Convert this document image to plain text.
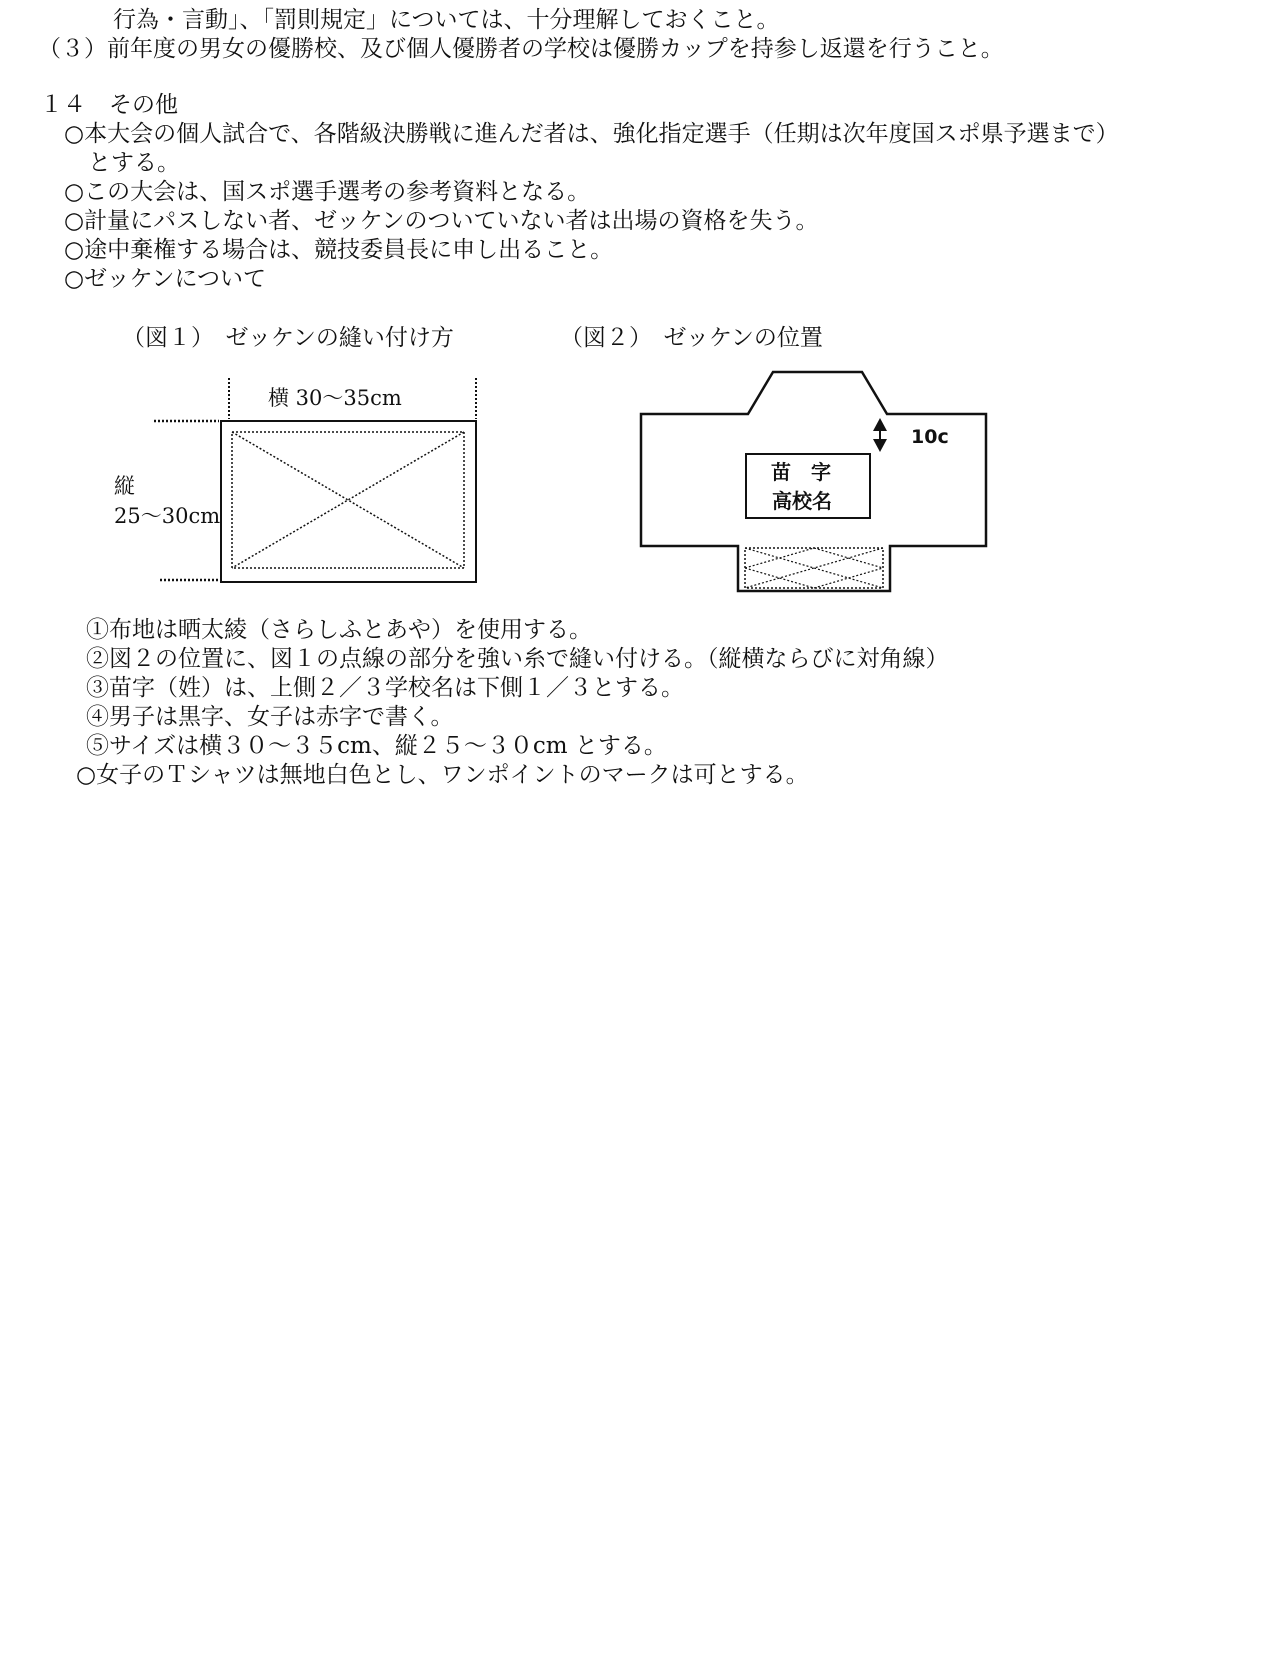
行為・言動」、「罰則規定」については、十分理解しておくこと。
（３）前年度の男女の優勝校、及び個人優勝者の学校は優勝カップを持参し返還を行うこと。
１４　その他
○本大会の個人試合で、各階級決勝戦に進んだ者は、強化指定選手（任期は次年度国スポ県予選まで）
とする。
○この大会は、国スポ選手選考の参考資料となる。
○計量にパスしない者、ゼッケンのついていない者は出場の資格を失う。
○途中棄権する場合は、競技委員長に申し出ること。
○ゼッケンについて
（図１）　ゼッケンの縫い付け方	（図２）　ゼッケンの位置
横 30～35cm
縦
25～30cm
10c
苗　字
高校名
①布地は晒太綾（さらしふとあや）を使用する。
②図２の位置に、図１の点線の部分を強い糸で縫い付ける。（縦横ならびに対角線）
③苗字（姓）は、上側２／３学校名は下側１／３とする。
④男子は黒字、女子は赤字で書く。
⑤サイズは横３０～３５cm、縦２５～３０cm とする。
○女子のＴシャツは無地白色とし、ワンポイントのマークは可とする。
